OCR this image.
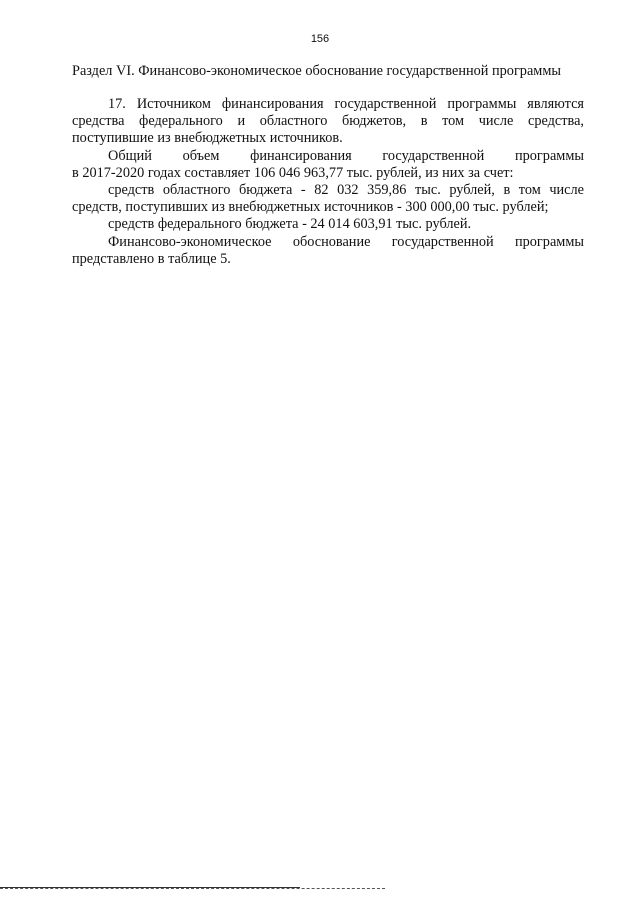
156
Раздел VI. Финансово-экономическое обоснование государственной программы

17. Источником финансирования государственной программы являются
средства федерального и областного бюджетов, в том числе средства,
поступившие из внебюджетных источников.

Общий объем финансирования государственной программы
в 2017-2020 годах составляет 106 046 963,77 тыс. рублей, из них за счет:

средств областного бюджета - 82 032 359,86 тыс. рублей, в том числе
средств, поступивших из внебюджетных источников - 300 000,00 тыс. рублей;

средств федерального бюджета - 24 014 603,91 тыс. рублей.

Финансово-экономическое обоснование государственной программы
представлено в таблице 5.
